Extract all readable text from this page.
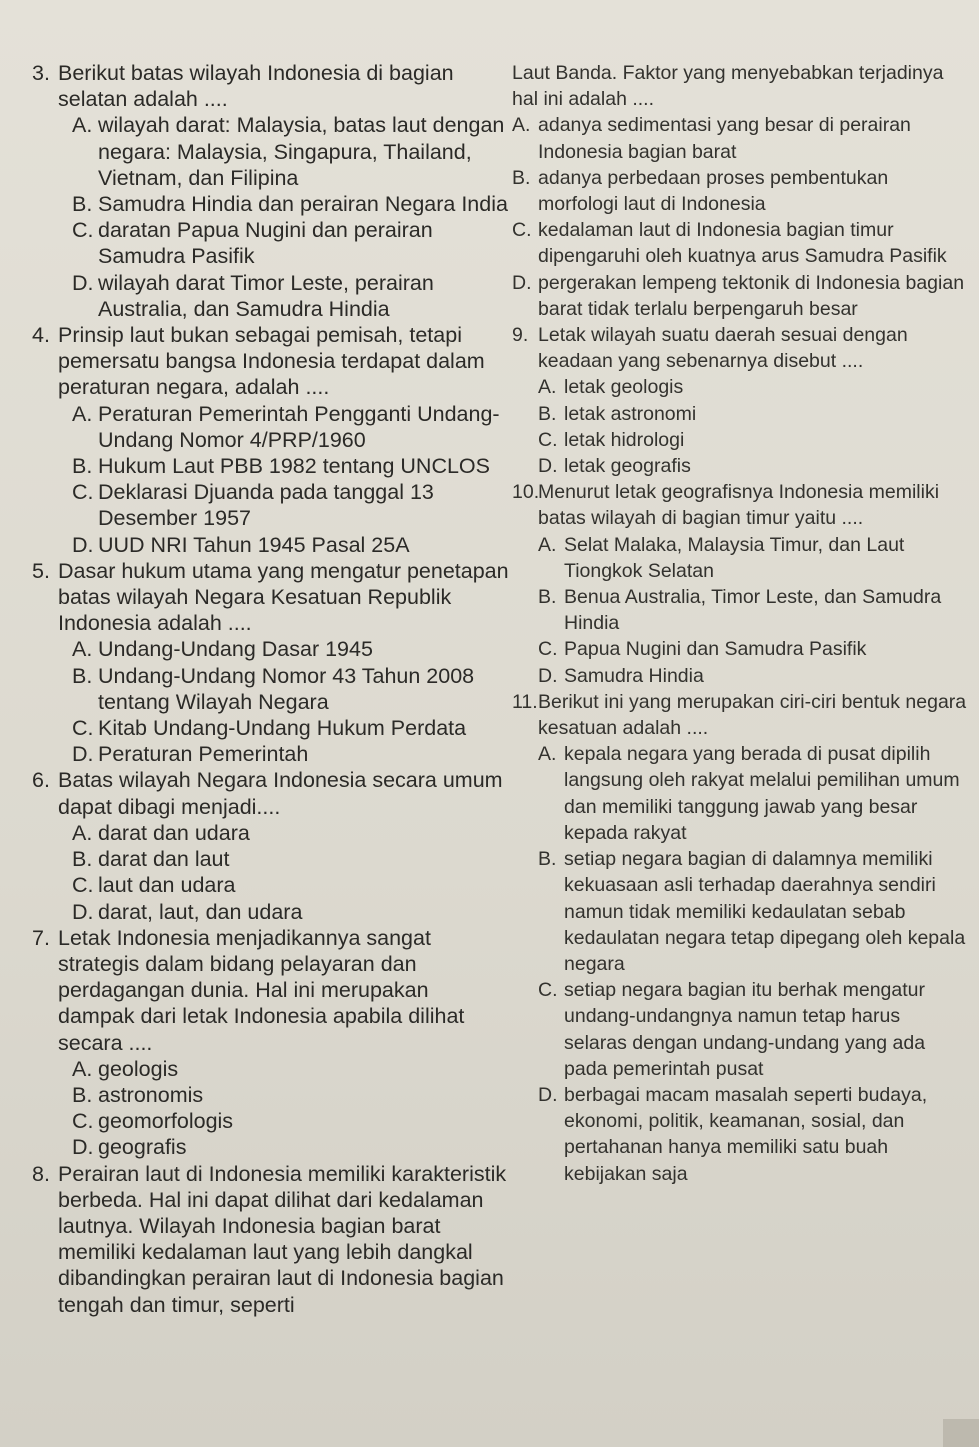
3. Berikut batas wilayah Indonesia di bagian selatan adalah ....
A. wilayah darat: Malaysia, batas laut dengan negara: Malaysia, Singapura, Thailand, Vietnam, dan Filipina
B. Samudra Hindia dan perairan Negara India
C. daratan Papua Nugini dan perairan Samudra Pasifik
D. wilayah darat Timor Leste, perairan Australia, dan Samudra Hindia
4. Prinsip laut bukan sebagai pemisah, tetapi pemersatu bangsa Indonesia terdapat dalam peraturan negara, adalah ....
A. Peraturan Pemerintah Pengganti Undang-Undang Nomor 4/PRP/1960
B. Hukum Laut PBB 1982 tentang UNCLOS
C. Deklarasi Djuanda pada tanggal 13 Desember 1957
D. UUD NRI Tahun 1945 Pasal 25A
5. Dasar hukum utama yang mengatur penetapan batas wilayah Negara Kesatuan Republik Indonesia adalah ....
A. Undang-Undang Dasar 1945
B. Undang-Undang Nomor 43 Tahun 2008 tentang Wilayah Negara
C. Kitab Undang-Undang Hukum Perdata
D. Peraturan Pemerintah
6. Batas wilayah Negara Indonesia secara umum dapat dibagi menjadi....
A. darat dan udara
B. darat dan laut
C. laut dan udara
D. darat, laut, dan udara
7. Letak Indonesia menjadikannya sangat strategis dalam bidang pelayaran dan perdagangan dunia. Hal ini merupakan dampak dari letak Indonesia apabila dilihat secara ....
A. geologis
B. astronomis
C. geomorfologis
D. geografis
8. Perairan laut di Indonesia memiliki karakteristik berbeda. Hal ini dapat dilihat dari kedalaman lautnya. Wilayah Indonesia bagian barat memiliki kedalaman laut yang lebih dangkal dibandingkan perairan laut di Indonesia bagian tengah dan timur, seperti
Laut Banda. Faktor yang menyebabkan terjadinya hal ini adalah ....
A. adanya sedimentasi yang besar di perairan Indonesia bagian barat
B. adanya perbedaan proses pembentukan morfologi laut di Indonesia
C. kedalaman laut di Indonesia bagian timur dipengaruhi oleh kuatnya arus Samudra Pasifik
D. pergerakan lempeng tektonik di Indonesia bagian barat tidak terlalu berpengaruh besar
9. Letak wilayah suatu daerah sesuai dengan keadaan yang sebenarnya disebut ....
A. letak geologis
B. letak astronomi
C. letak hidrologi
D. letak geografis
10.Menurut letak geografisnya Indonesia memiliki batas wilayah di bagian timur yaitu ....
A. Selat Malaka, Malaysia Timur, dan Laut Tiongkok Selatan
B. Benua Australia, Timor Leste, dan Samudra Hindia
C. Papua Nugini dan Samudra Pasifik
D. Samudra Hindia
11.Berikut ini yang merupakan ciri-ciri bentuk negara kesatuan adalah ....
A. kepala negara yang berada di pusat dipilih langsung oleh rakyat melalui pemilihan umum dan memiliki tanggung jawab yang besar kepada rakyat
B. setiap negara bagian di dalamnya memiliki kekuasaan asli terhadap daerahnya sendiri namun tidak memiliki kedaulatan sebab kedaulatan negara tetap dipegang oleh kepala negara
C. setiap negara bagian itu berhak mengatur undang-undangnya namun tetap harus selaras dengan undang-undang yang ada pada pemerintah pusat
D. berbagai macam masalah seperti budaya, ekonomi, politik, keamanan, sosial, dan pertahanan hanya memiliki satu buah kebijakan saja
